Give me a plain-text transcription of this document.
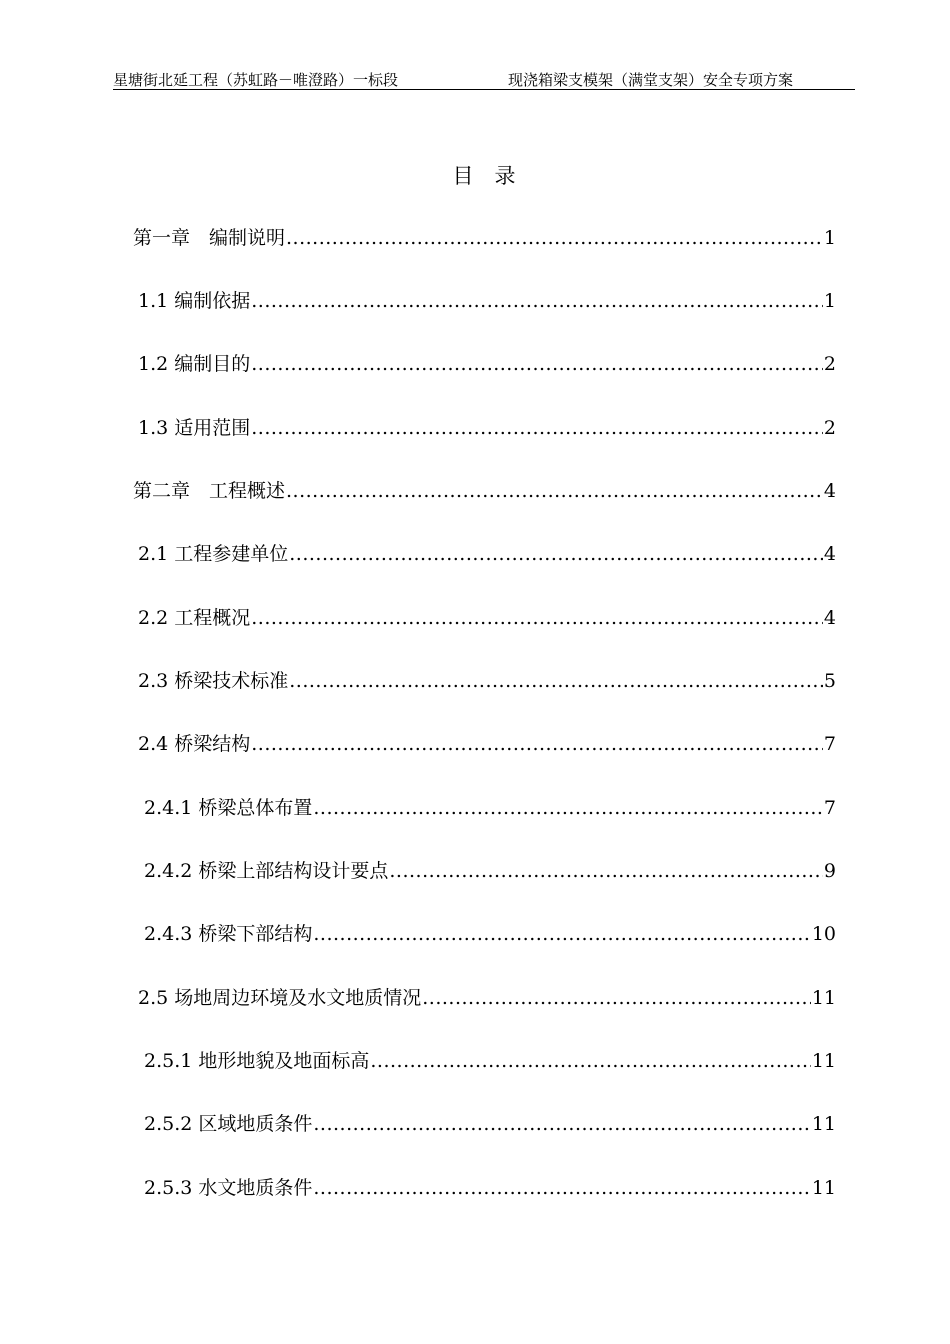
星塘街北延工程（苏虹路－唯澄路）一标段	现浇箱梁支模架（满堂支架）安全专项方案
目　录
第一章　编制说明 .....	1
1.1 编制依据 .....	1
1.2 编制目的 .....	2
1.3 适用范围 .....	2
第二章　工程概述 .....	4
2.1 工程参建单位 .....	4
2.2 工程概况 .....	4
2.3 桥梁技术标准 .....	5
2.4 桥梁结构 .....	7
2.4.1 桥梁总体布置 .....	7
2.4.2 桥梁上部结构设计要点 .....	9
2.4.3 桥梁下部结构 .....	10
2.5 场地周边环境及水文地质情况 .....	11
2.5.1 地形地貌及地面标高 .....	11
2.5.2 区域地质条件 .....	11
2.5.3 水文地质条件 .....	11
